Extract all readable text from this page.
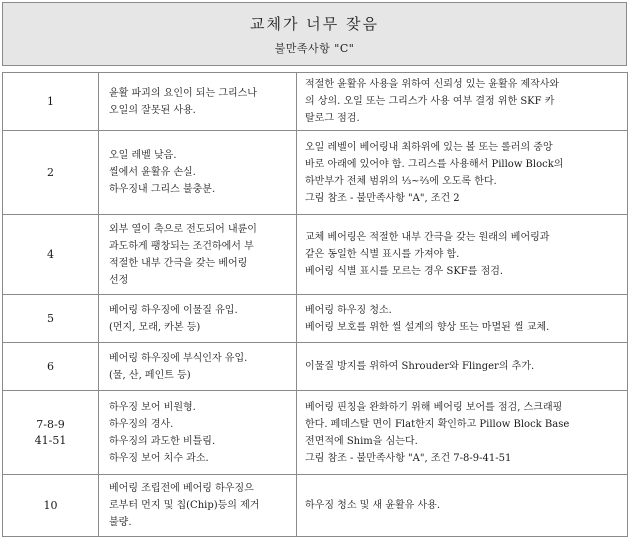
교체가 너무 잦음
불만족사항 "C"
1	윤활 파괴의 요인이 되는 그리스나
오일의 잘못된 사용.	적절한 윤활유 사용을 위하여 신뢰성 있는 윤활유 제작사와
의 상의. 오일 또는 그리스가 사용 여부 결정 위한 SKF 카
탈로그 점검.

2	오일 레벨 낮음.
씰에서 윤활유 손실.
하우징내 그리스 불충분.	오일 레벨이 베어링내 최하위에 있는 볼 또는 롤러의 중앙
바로 아래에 있어야 함. 그리스를 사용해서 Pillow Block의
하반부가 전체 범위의 ⅓~⅔에 오도록 한다.
그림 참조 - 불만족사항 "A", 조건 2

4	외부 열이 축으로 전도되어 내륜이
과도하게 팽창되는 조건하에서 부
적절한 내부 간극을 갖는 베어링
선정	교체 베어링은 적절한 내부 간극을 갖는 원래의 베어링과
같은 동일한 식별 표시를 가져야 함.
베어링 식별 표시를 모르는 경우 SKF를 점검.

5	베어링 하우징에 이물질 유입.
(먼지, 모래, 카본 등)	베어링 하우징 청소.
베어링 보호를 위한 씰 설계의 향상 또는 마멸된 씰 교체.

6	베어링 하우징에 부식인자 유입.
(물, 산, 페인트 등)	이물질 방지를 위하여 Shrouder와 Flinger의 추가.

7-8-9
41-51	하우징 보어 비원형.
하우징의 경사.
하우징의 과도한 비틀림.
하우징 보어 치수 과소.	베어링 핀칭을 완화하기 위해 베어링 보어를 점검, 스크래핑
한다. 페데스탈 면이 Flat한지 확인하고 Pillow Block Base
전면적에 Shim을 심는다.
그림 참조 - 불만족사항 "A", 조건 7-8-9-41-51

10	베어링 조립전에 베어링 하우징으
로부터 먼지 및 칩(Chip)등의 제거
불량.	하우징 청소 및 새 윤활유 사용.
